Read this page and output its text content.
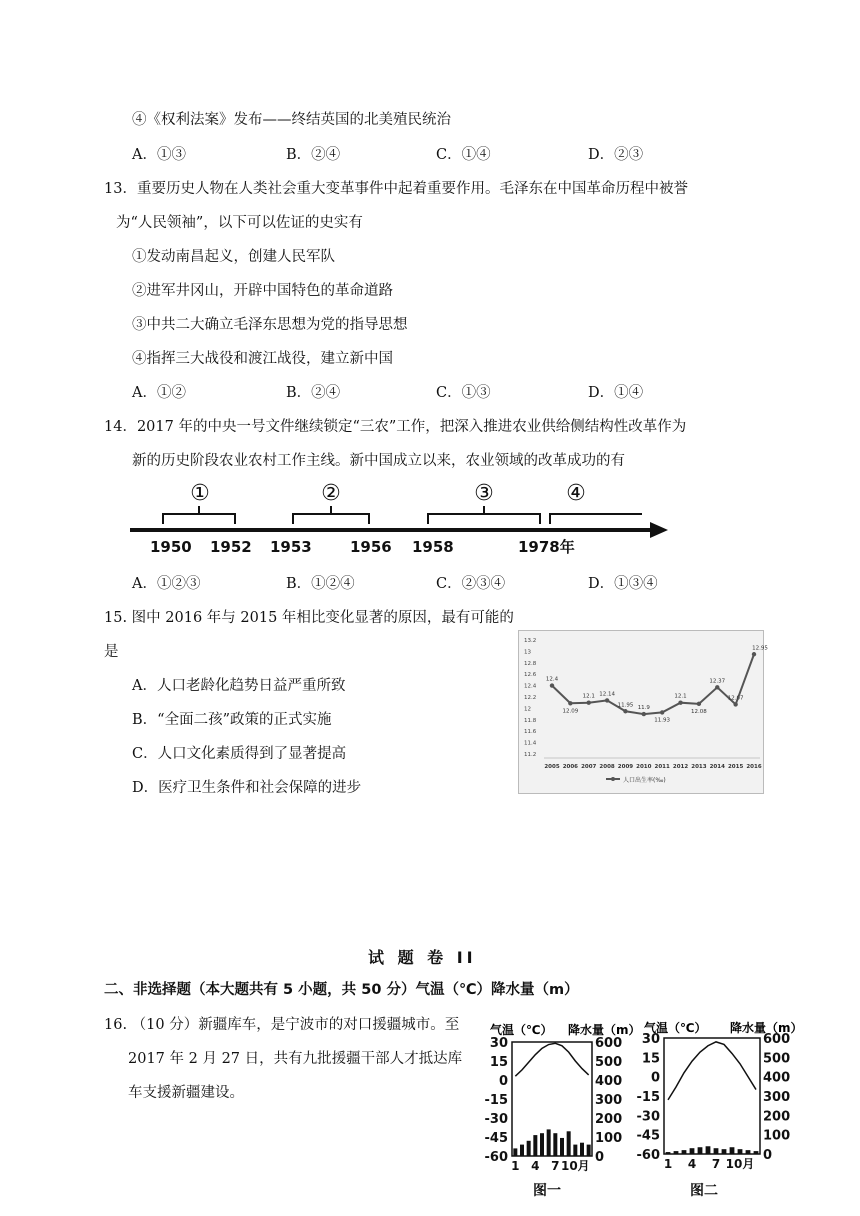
④《权利法案》发布——终结英国的北美殖民统治
A．①③	B．②④	C．①④	D．②③
13．重要历史人物在人类社会重大变革事件中起着重要作用。毛泽东在中国革命历程中被誉
为“人民领袖”，以下可以佐证的史实有
①发动南昌起义，创建人民军队
②进军井冈山，开辟中国特色的革命道路
③中共二大确立毛泽东思想为党的指导思想
④指挥三大战役和渡江战役，建立新中国
A．①②	B．②④	C．①③	D．①④
14．2017 年的中央一号文件继续锁定“三农”工作，把深入推进农业供给侧结构性改革作为
新的历史阶段农业农村工作主线。新中国成立以来，农业领域的改革成功的有
①	②	③	④
1950 1952 1953	1956 1958	1978年
A．①②③	B．①②④	C．②③④	D．①③④
15. 图中 2016 年与 2015 年相比变化显著的原因，最有可能的
是
A．人口老龄化趋势日益严重所致
B．“全面二孩”政策的正式实施
C．人口文化素质得到了显著提高
D．医疗卫生条件和社会保障的进步
13.2
13
12.8
12.6
12.4
12.2
12
11.8
11.6
11.4
11.2
2005 2006 2007 2008 2009 2010 2011 2012 2013 2014 2015 2016
12.4
12.09
12.1 12.14
11.95 11.9
11.93
12.1
12.08
12.37
12.07
12.95
人口出生率(‰)
试 题 卷 II
二、非选择题（本大题共有 5 小题，共 50 分）气温（℃）降水量（m）
16. （10 分）新疆库车，是宁波市的对口援疆城市。至
2017 年 2 月 27 日，共有九批援疆干部人才抵达库
车支援新疆建设。
气温（℃） 降水量（m）
30
15
0
-15
-30
-45
-60
600
500
400
300
200
100
0
1 4 7 10月
图一
气温（℃） 降水量（m）
30
15
0
-15
-30
-45
-60
600
500
400
300
200
100
0
1 4 7 10月
图二
